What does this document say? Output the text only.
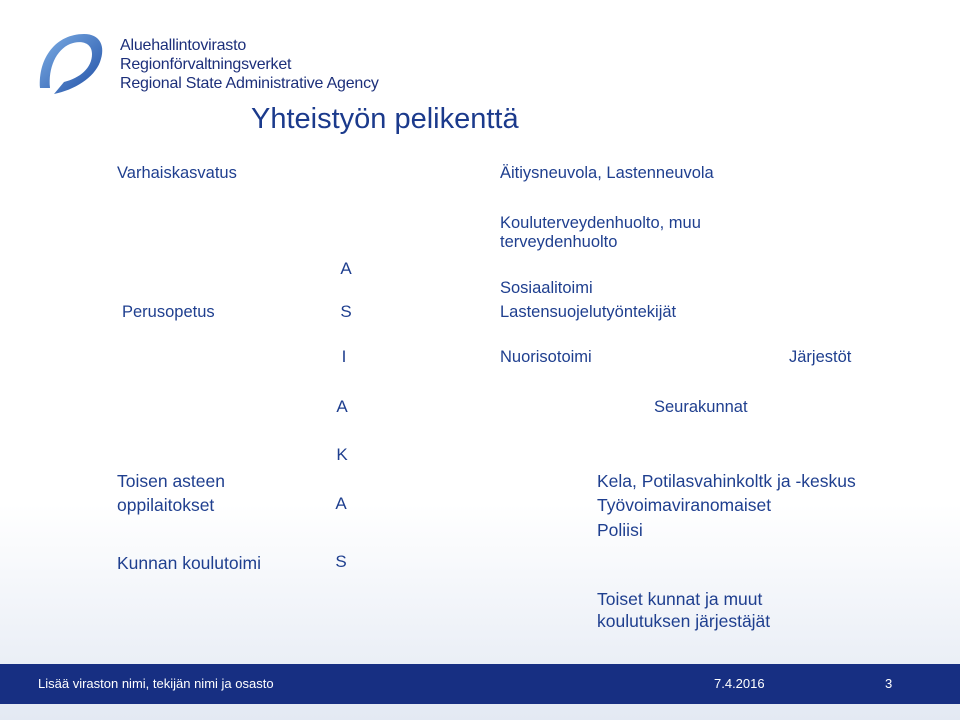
Aluehallintovirasto
Regionförvaltningsverket
Regional State Administrative Agency
Yhteistyön pelikenttä
Varhaiskasvatus
Perusopetus
Toisen asteen
oppilaitokset
Kunnan koulutoimi
A
S
I
A
K
A
S
Äitiysneuvola, Lastenneuvola
Kouluterveydenhuolto, muu
terveydenhuolto
Sosiaalitoimi
Lastensuojelutyöntekijät
Nuorisotoimi	Järjestöt
Seurakunnat
Kela, Potilasvahinkoltk ja -keskus
Työvoimaviranomaiset
Poliisi
Toiset kunnat ja muut
koulutuksen järjestäjät
Lisää viraston nimi, tekijän nimi ja osasto	7.4.2016	3
